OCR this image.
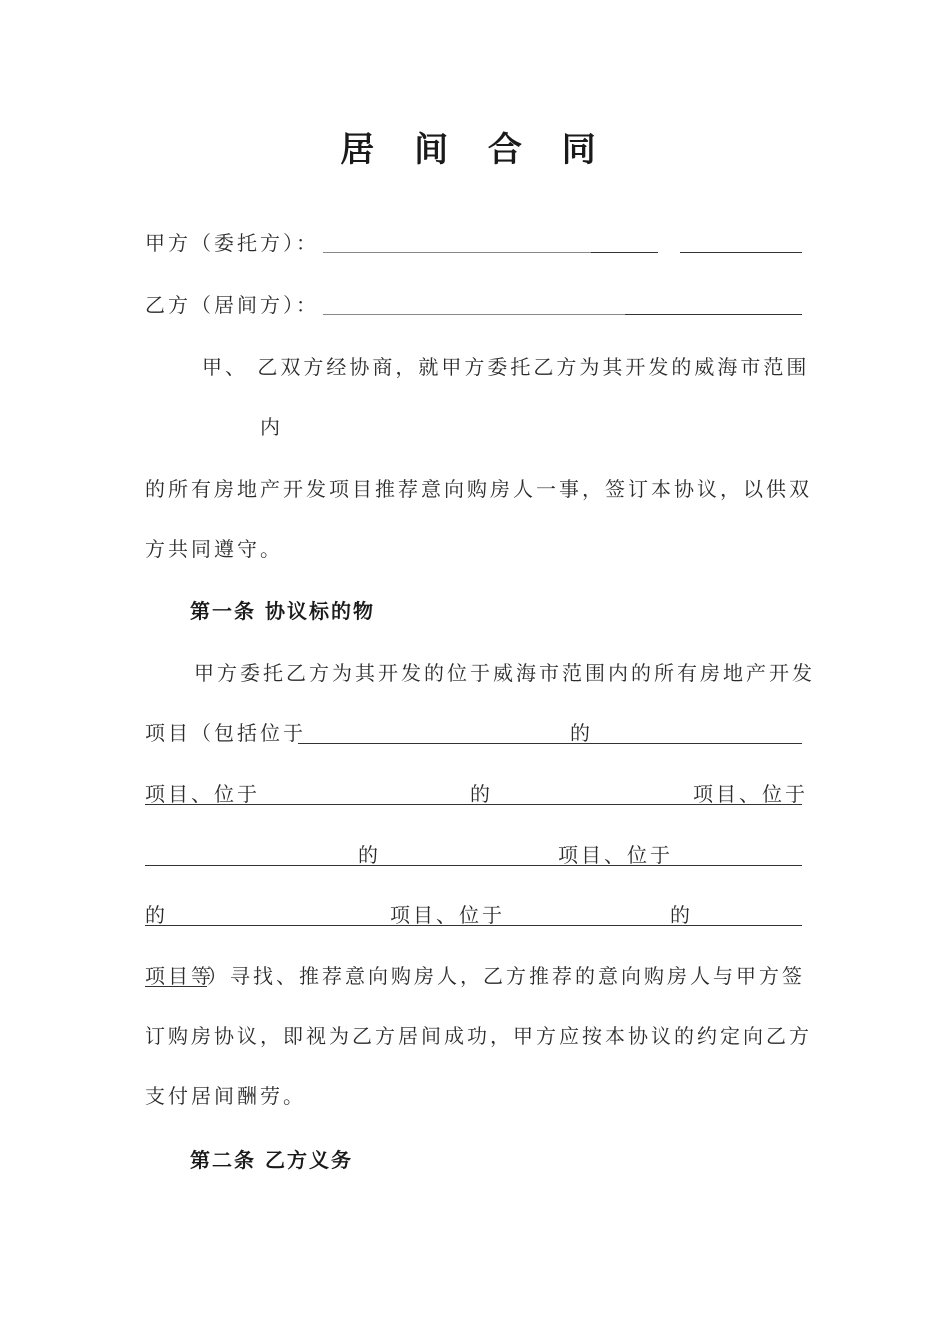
居 间 合 同
甲方（委托方）：
乙方（居间方）：
甲、 乙双方经协商，就甲方委托乙方为其开发的威海市范围
内
的所有房地产开发项目推荐意向购房人一事，签订本协议，以供双
方共同遵守。
第一条 协议标的物
甲方委托乙方为其开发的位于威海市范围内的所有房地产开发
项目（包括位于	的
项目、位于	的	项目、位于
的	项目、位于
的	项目、位于	的
项目等
）寻找、推荐意向购房人，乙方推荐的意向购房人与甲方签
订购房协议，即视为乙方居间成功，甲方应按本协议的约定向乙方
支付居间酬劳。
第二条 乙方义务
